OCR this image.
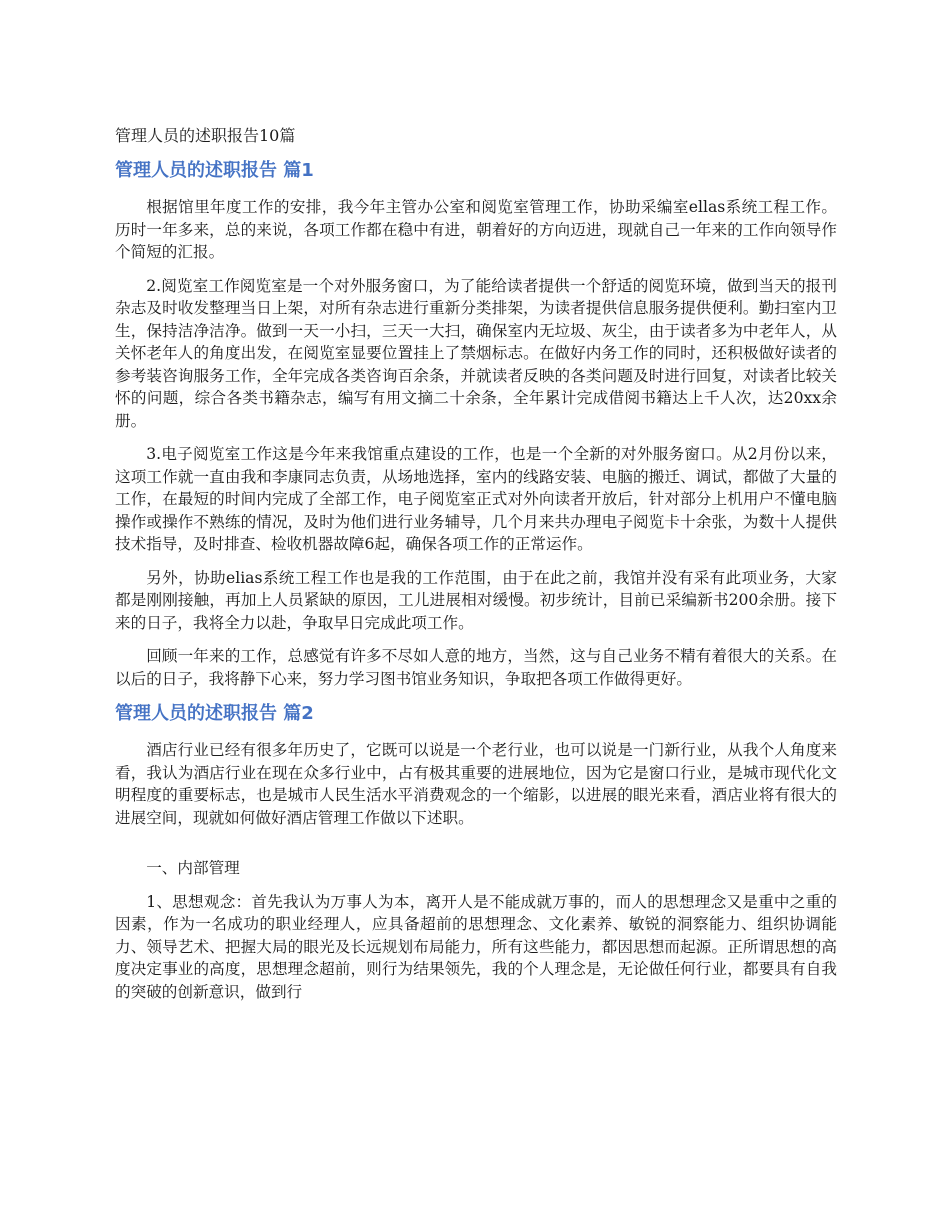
管理人员的述职报告10篇
管理人员的述职报告 篇1

根据馆里年度工作的安排，我今年主管办公室和阅览室管理工作，协助采编室ellas系统工程工作。历时一年多来，总的来说，各项工作都在稳中有进，朝着好的方向迈进，现就自己一年来的工作向领导作个简短的汇报。

2.阅览室工作阅览室是一个对外服务窗口，为了能给读者提供一个舒适的阅览环境，做到当天的报刊杂志及时收发整理当日上架，对所有杂志进行重新分类排架，为读者提供信息服务提供便利。勤扫室内卫生，保持洁净洁净。做到一天一小扫，三天一大扫，确保室内无垃圾、灰尘，由于读者多为中老年人，从关怀老年人的角度出发，在阅览室显要位置挂上了禁烟标志。在做好内务工作的同时，还积极做好读者的参考装咨询服务工作，全年完成各类咨询百余条，并就读者反映的各类问题及时进行回复，对读者比较关怀的问题，综合各类书籍杂志，编写有用文摘二十余条，全年累计完成借阅书籍达上千人次，达20xx余册。

3.电子阅览室工作这是今年来我馆重点建设的工作，也是一个全新的对外服务窗口。从2月份以来，这项工作就一直由我和李康同志负责，从场地选择，室内的线路安装、电脑的搬迁、调试，都做了大量的工作，在最短的时间内完成了全部工作，电子阅览室正式对外向读者开放后，针对部分上机用户不懂电脑操作或操作不熟练的情况，及时为他们进行业务辅导，几个月来共办理电子阅览卡十余张，为数十人提供技术指导，及时排查、检收机器故障6起，确保各项工作的正常运作。

另外，协助elias系统工程工作也是我的工作范围，由于在此之前，我馆并没有采有此项业务，大家都是刚刚接触，再加上人员紧缺的原因，工儿进展相对缓慢。初步统计，目前已采编新书200余册。接下来的日子，我将全力以赴，争取早日完成此项工作。

回顾一年来的工作，总感觉有许多不尽如人意的地方，当然，这与自己业务不精有着很大的关系。在以后的日子，我将静下心来，努力学习图书馆业务知识，争取把各项工作做得更好。

管理人员的述职报告 篇2

酒店行业已经有很多年历史了，它既可以说是一个老行业，也可以说是一门新行业，从我个人角度来看，我认为酒店行业在现在众多行业中，占有极其重要的进展地位，因为它是窗口行业，是城市现代化文明程度的重要标志，也是城市人民生活水平消费观念的一个缩影，以进展的眼光来看，酒店业将有很大的进展空间，现就如何做好酒店管理工作做以下述职。

一、内部管理

1、思想观念：首先我认为万事人为本，离开人是不能成就万事的，而人的思想理念又是重中之重的因素，作为一名成功的职业经理人，应具备超前的思想理念、文化素养、敏锐的洞察能力、组织协调能力、领导艺术、把握大局的眼光及长远规划布局能力，所有这些能力，都因思想而起源。正所谓思想的高度决定事业的高度，思想理念超前，则行为结果领先，我的个人理念是，无论做任何行业，都要具有自我的突破的创新意识，做到行
